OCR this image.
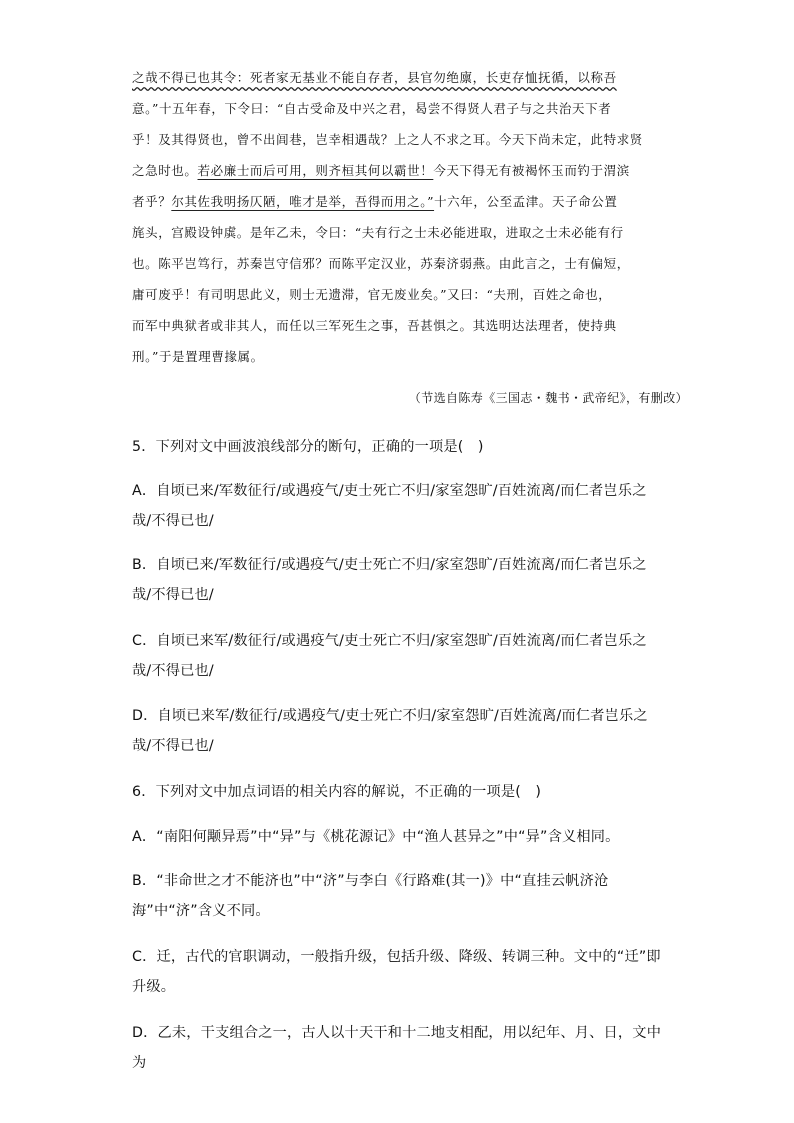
之哉不得已也其令：死者家无基业不能自存者，县官勿绝廪，长吏存恤抚循，以称吾

意。”十五年春，下令曰：“自古受命及中兴之君，曷尝不得贤人君子与之共治天下者

乎！及其得贤也，曾不出闾巷，岂幸相遇哉？上之人不求之耳。今天下尚未定，此特求贤

之急时也。若必廉士而后可用，则齐桓其何以霸世！今天下得无有被褐怀玉而钓于渭滨

者乎？尔其佐我明扬仄陋，唯才是举，吾得而用之。”十六年，公至孟津。天子命公置

旄头，宫殿设钟虡。是年乙未，令曰：“夫有行之士未必能进取，进取之士未必能有行

也。陈平岂笃行，苏秦岂守信邪？而陈平定汉业，苏秦济弱燕。由此言之，士有偏短，

庸可废乎！有司明思此义，则士无遗滞，官无废业矣。”又曰：“夫刑，百姓之命也，

而军中典狱者或非其人，而任以三军死生之事，吾甚惧之。其选明达法理者，使持典

刑。”于是置理曹掾属。

（节选自陈寿《三国志・魏书・武帝纪》，有删改）
5．下列对文中画波浪线部分的断句，正确的一项是(　)
A．自顷已来/军数征行/或遇疫气/吏士死亡不归/家室怨旷/百姓流离/而仁者岂乐之哉/不得已也/
B．自顷已来/军数征行/或遇疫气/吏士死亡不归/家室怨旷/百姓流离/而仁者岂乐之哉/不得已也/
C．自顷已来军/数征行/或遇疫气/吏士死亡不归/家室怨旷/百姓流离/而仁者岂乐之哉/不得已也/
D．自顷已来军/数征行/或遇疫气/吏士死亡不归/家室怨旷/百姓流离/而仁者岂乐之哉/不得已也/
6．下列对文中加点词语的相关内容的解说，不正确的一项是(　)
A．“南阳何颙异焉”中“异”与《桃花源记》中“渔人甚异之”中“异”含义相同。
B．“非命世之才不能济也”中“济”与李白《行路难(其一)》中“直挂云帆济沧海”中“济”含义不同。
C．迁，古代的官职调动，一般指升级，包括升级、降级、转调三种。文中的“迁”即升级。
D．乙未，干支组合之一，古人以十天干和十二地支相配，用以纪年、月、日，文中为
